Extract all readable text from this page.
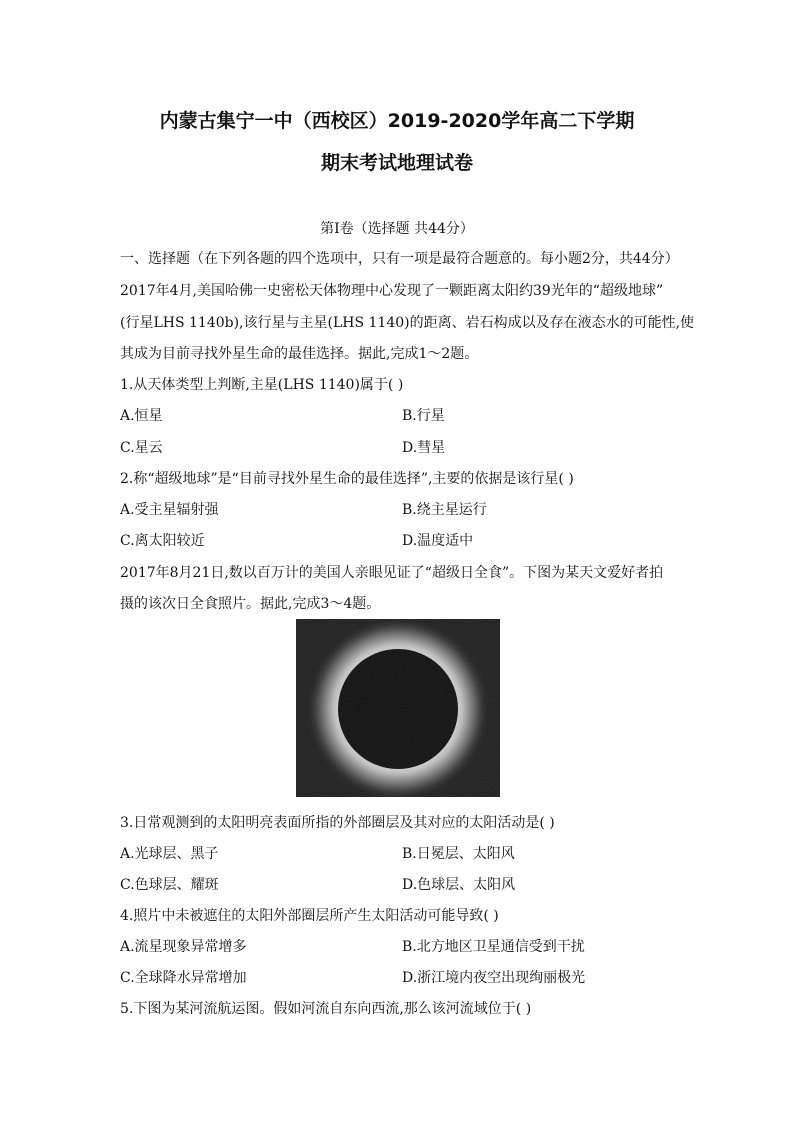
内蒙古集宁一中（西校区）2019-2020学年高二下学期
期末考试地理试卷
第Ⅰ卷（选择题 共44分）
一、选择题（在下列各题的四个选项中，只有一项是最符合题意的。每小题2分，共44分）
2017年4月,美国哈佛一史密松天体物理中心发现了一颗距离太阳约39光年的“超级地球”
(行星LHS 1140b),该行星与主星(LHS 1140)的距离、岩石构成以及存在液态水的可能性,使
其成为目前寻找外星生命的最佳选择。据此,完成1～2题。
1.从天体类型上判断,主星(LHS 1140)属于( )
A.恒星	B.行星
C.星云	D.彗星
2.称“超级地球”是“目前寻找外星生命的最佳选择”,主要的依据是该行星( )
A.受主星辐射强	B.绕主星运行
C.离太阳较近	D.温度适中
2017年8月21日,数以百万计的美国人亲眼见证了“超级日全食”。下图为某天文爱好者拍
摄的该次日全食照片。据此,完成3～4题。
3.日常观测到的太阳明亮表面所指的外部圈层及其对应的太阳活动是( )
A.光球层、黑子	B.日冕层、太阳风
C.色球层、耀斑	D.色球层、太阳风
4.照片中未被遮住的太阳外部圈层所产生太阳活动可能导致( )
A.流星现象异常增多	B.北方地区卫星通信受到干扰
C.全球降水异常增加	D.浙江境内夜空出现绚丽极光
5.下图为某河流航运图。假如河流自东向西流,那么该河流域位于( )
